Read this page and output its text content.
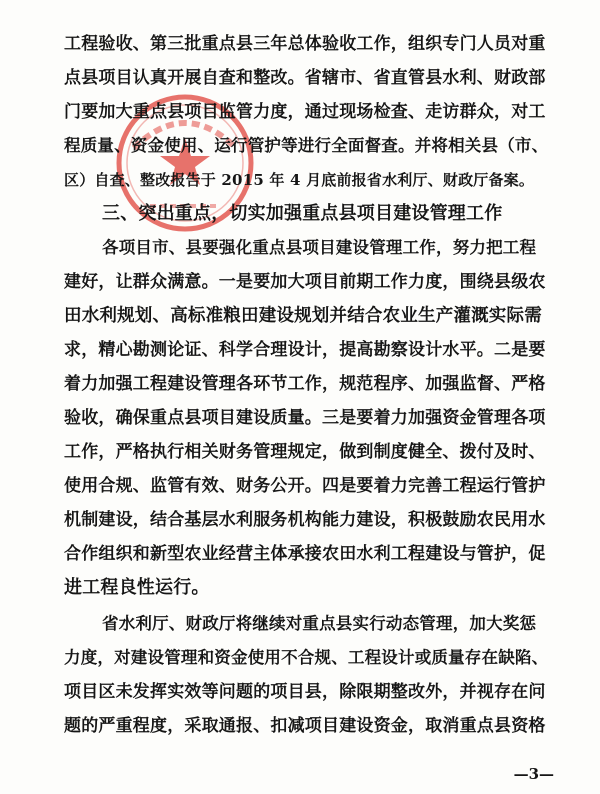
工程验收、第三批重点县三年总体验收工作，组织专门人员对重
点县项目认真开展自查和整改。省辖市、省直管县水利、财政部
门要加大重点县项目监管力度，通过现场检查、走访群众，对工
程质量、资金使用、运行管护等进行全面督查。并将相关县（市、
区）自查、整改报告于 2015 年 4 月底前报省水利厅、财政厅备案。
三、突出重点，切实加强重点县项目建设管理工作
各项目市、县要强化重点县项目建设管理工作，努力把工程
建好，让群众满意。一是要加大项目前期工作力度，围绕县级农
田水利规划、高标准粮田建设规划并结合农业生产灌溉实际需
求，精心勘测论证、科学合理设计，提高勘察设计水平。二是要
着力加强工程建设管理各环节工作，规范程序、加强监督、严格
验收，确保重点县项目建设质量。三是要着力加强资金管理各项
工作，严格执行相关财务管理规定，做到制度健全、拨付及时、
使用合规、监管有效、财务公开。四是要着力完善工程运行管护
机制建设，结合基层水利服务机构能力建设，积极鼓励农民用水
合作组织和新型农业经营主体承接农田水利工程建设与管护，促
进工程良性运行。
省水利厅、财政厅将继续对重点县实行动态管理，加大奖惩
力度，对建设管理和资金使用不合规、工程设计或质量存在缺陷、
项目区未发挥实效等问题的项目县，除限期整改外，并视存在问
题的严重程度，采取通报、扣减项目建设资金，取消重点县资格
—3—
